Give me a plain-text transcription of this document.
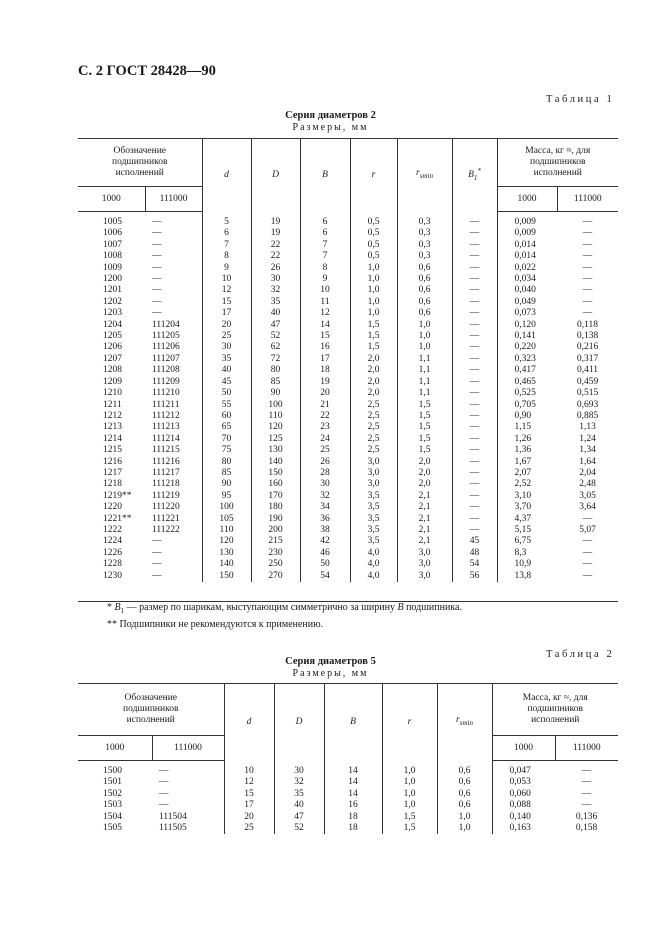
С. 2 ГОСТ 28428—90
Таблица 1
Серия диаметров 2
Размеры, мм
Обозначение подшипников исполнений		d	D	B	r	$r_{smin}$	$B_1^*$	Масса, кг ≈, для подшипников исполнений	
1000	111000							1000	111000

1005	—	5	19	6	0,5	0,3	—	0,009	—
1006	—	6	19	6	0,5	0,3	—	0,009	—
1007	—	7	22	7	0,5	0,3	—	0,014	—
1008	—	8	22	7	0,5	0,3	—	0,014	—
1009	—	9	26	8	1,0	0,6	—	0,022	—
1200	—	10	30	9	1,0	0,6	—	0,034	—
1201	—	12	32	10	1,0	0,6	—	0,040	—
1202	—	15	35	11	1,0	0,6	—	0,049	—
1203	—	17	40	12	1,0	0,6	—	0,073	—
1204	111204	20	47	14	1,5	1,0	—	0,120	0,118
1205	111205	25	52	15	1,5	1,0	—	0,141	0,138
1206	111206	30	62	16	1,5	1,0	—	0,220	0,216
1207	111207	35	72	17	2,0	1,1	—	0,323	0,317
1208	111208	40	80	18	2,0	1,1	—	0,417	0,411
1209	111209	45	85	19	2,0	1,1	—	0,465	0,459
1210	111210	50	90	20	2,0	1,1	—	0,525	0,515
1211	111211	55	100	21	2,5	1,5	—	0,705	0,693
1212	111212	60	110	22	2,5	1,5	—	0,90	0,885
1213	111213	65	120	23	2,5	1,5	—	1,15	1,13
1214	111214	70	125	24	2,5	1,5	—	1,26	1,24
1215	111215	75	130	25	2,5	1,5	—	1,36	1,34
1216	111216	80	140	26	3,0	2,0	—	1,67	1,64
1217	111217	85	150	28	3,0	2,0	—	2,07	2,04
1218	111218	90	160	30	3,0	2,0	—	2,52	2,48
1219**	111219	95	170	32	3,5	2,1	—	3,10	3,05
1220	111220	100	180	34	3,5	2,1	—	3,70	3,64
1221**	111221	105	190	36	3,5	2,1	—	4,37	—
1222	111222	110	200	38	3,5	2,1	—	5,15	5,07
1224	—	120	215	42	3,5	2,1	45	6,75	—
1226	—	130	230	46	4,0	3,0	48	8,3	—
1228	—	140	250	50	4,0	3,0	54	10,9	—
1230	—	150	270	54	4,0	3,0	56	13,8	—
* $B_1$ — размер по шарикам, выступающим симметрично за ширину B подшипника.
** Подшипники не рекомендуются к применению.
Таблица 2
Серия диаметров 5
Размеры, мм
Обозначение подшипников исполнений		d	D	B	r	$r_{smin}$	Масса, кг ≈, для подшипников исполнений	
1000	111000						1000	111000

1500	—	10	30	14	1,0	0,6	0,047	—
1501	—	12	32	14	1,0	0,6	0,053	—
1502	—	15	35	14	1,0	0,6	0,060	—
1503	—	17	40	16	1,0	0,6	0,088	—
1504	111504	20	47	18	1,5	1,0	0,140	0,136
1505	111505	25	52	18	1,5	1,0	0,163	0,158
